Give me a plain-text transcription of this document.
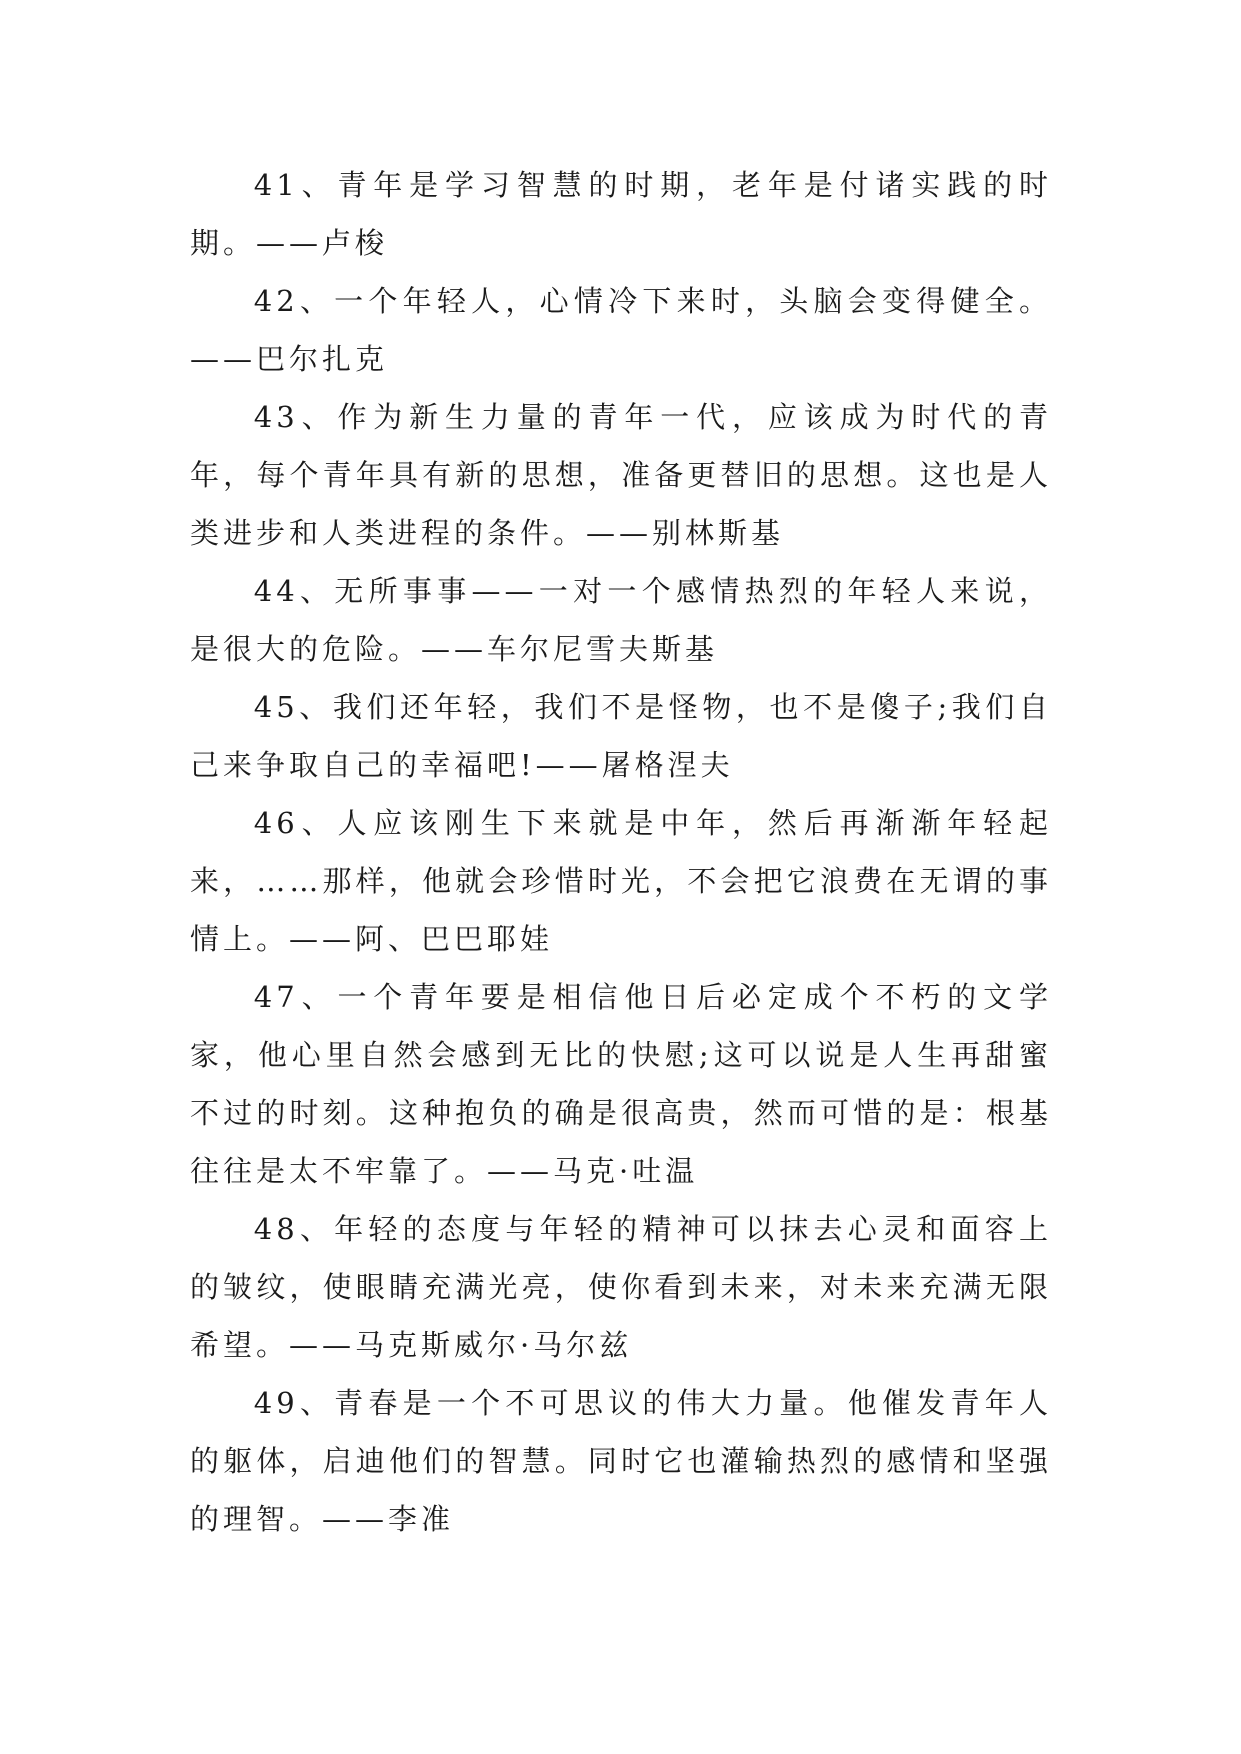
41、青年是学习智慧的时期，老年是付诸实践的时期。——卢梭

42、一个年轻人，心情冷下来时，头脑会变得健全。——巴尔扎克

43、作为新生力量的青年一代，应该成为时代的青年，每个青年具有新的思想，准备更替旧的思想。这也是人类进步和人类进程的条件。——别林斯基

44、无所事事——一对一个感情热烈的年轻人来说，是很大的危险。——车尔尼雪夫斯基

45、我们还年轻，我们不是怪物，也不是傻子;我们自己来争取自己的幸福吧!——屠格涅夫

46、人应该刚生下来就是中年，然后再渐渐年轻起来，……那样，他就会珍惜时光，不会把它浪费在无谓的事情上。——阿、巴巴耶娃

47、一个青年要是相信他日后必定成个不朽的文学家，他心里自然会感到无比的快慰;这可以说是人生再甜蜜不过的时刻。这种抱负的确是很高贵，然而可惜的是：根基往往是太不牢靠了。——马克·吐温

48、年轻的态度与年轻的精神可以抹去心灵和面容上的皱纹，使眼睛充满光亮，使你看到未来，对未来充满无限希望。——马克斯威尔·马尔兹

49、青春是一个不可思议的伟大力量。他催发青年人的躯体，启迪他们的智慧。同时它也灌输热烈的感情和坚强的理智。——李准
